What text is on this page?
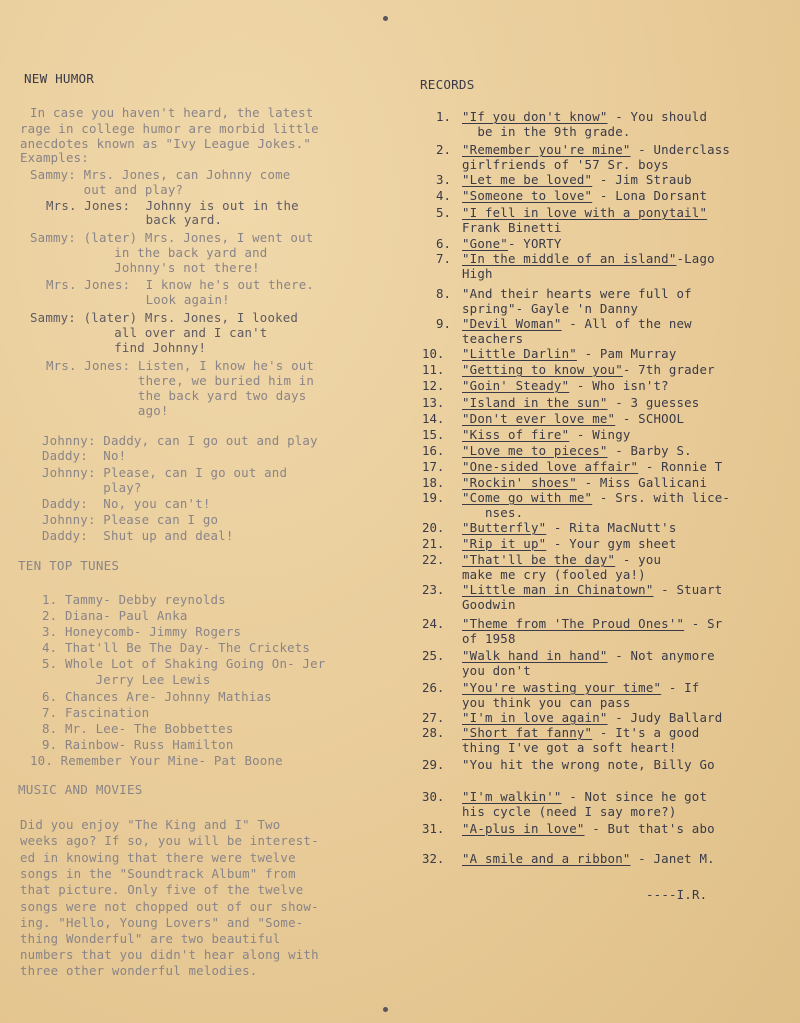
NEW HUMOR
In case you haven't heard, the latest
rage in college humor are morbid little
anecdotes known as "Ivy League Jokes."
Examples:
Sammy: Mrs. Jones, can Johnny come
out and play?
Mrs. Jones:  Johnny is out in the
back yard.
Sammy: (later) Mrs. Jones, I went out
in the back yard and
Johnny's not there!
Mrs. Jones:  I know he's out there.
Look again!
Sammy: (later) Mrs. Jones, I looked
all over and I can't
find Johnny!
Mrs. Jones: Listen, I know he's out
there, we buried him in
the back yard two days
ago!
Johnny: Daddy, can I go out and play
Daddy:  No!
Johnny: Please, can I go out and
play?
Daddy:  No, you can't!
Johnny: Please can I go
Daddy:  Shut up and deal!
TEN TOP TUNES
1. Tammy- Debby reynolds
2. Diana- Paul Anka
3. Honeycomb- Jimmy Rogers
4. That'll Be The Day- The Crickets
5. Whole Lot of Shaking Going On- Jer
Jerry Lee Lewis
6. Chances Are- Johnny Mathias
7. Fascination
8. Mr. Lee- The Bobbettes
9. Rainbow- Russ Hamilton
10. Remember Your Mine- Pat Boone
MUSIC AND MOVIES
Did you enjoy "The King and I" Two
weeks ago? If so, you will be interest-
ed in knowing that there were twelve
songs in the "Soundtrack Album" from
that picture. Only five of the twelve
songs were not chopped out of our show-
ing. "Hello, Young Lovers" and "Some-
thing Wonderful" are two beautiful
numbers that you didn't hear along with
three other wonderful melodies.
RECORDS
1. "If you don't know" - You should
be in the 9th grade.
2. "Remember you're mine" - Underclass
girlfriends of '57 Sr. boys
3. "Let me be loved" - Jim Straub
4. "Someone to love" - Lona Dorsant
5. "I fell in love with a ponytail"
Frank Binetti
6. "Gone"- YORTY
7. "In the middle of an island"-Lago
High
8. "And their hearts were full of
spring"- Gayle 'n Danny
9. "Devil Woman" - All of the new
teachers
10. "Little Darlin" - Pam Murray
11. "Getting to know you"- 7th grader
12. "Goin' Steady" - Who isn't?
13. "Island in the sun" - 3 guesses
14. "Don't ever love me" - SCHOOL
15. "Kiss of fire" - Wingy
16. "Love me to pieces" - Barby S.
17. "One-sided love affair" - Ronnie T
18. "Rockin' shoes" - Miss Gallicani
19. "Come go with me" - Srs. with lice-
nses.
20. "Butterfly" - Rita MacNutt's
21. "Rip it up" - Your gym sheet
22. "That'll be the day" - you
make me cry (fooled ya!)
23. "Little man in Chinatown" - Stuart
Goodwin
24. "Theme from 'The Proud Ones'" - Sr
of 1958
25. "Walk hand in hand" - Not anymore
you don't
26. "You're wasting your time" - If
you think you can pass
27. "I'm in love again" - Judy Ballard
28. "Short fat fanny" - It's a good
thing I've got a soft heart!
29. "You hit the wrong note, Billy Go
30. "I'm walkin'" - Not since he got
his cycle (need I say more?)
31. "A-plus in love" - But that's abo
32. "A smile and a ribbon" - Janet M.
----I.R.
